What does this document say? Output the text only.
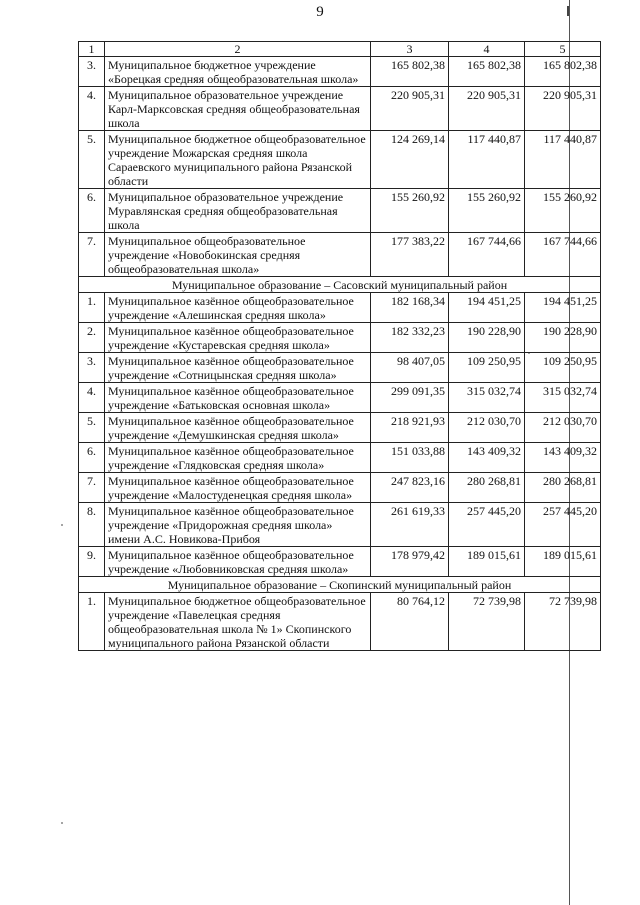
9
1	2	3	4	5
3.	Муниципальное бюджетное учреждение «Борецкая средняя общеобразовательная школа»	165 802,38	165 802,38	165 802,38
4.	Муниципальное образовательное учреждение Карл-Марксовская средняя общеобразовательная школа	220 905,31	220 905,31	220 905,31
5.	Муниципальное бюджетное общеобразовательное учреждение Можарская средняя школа Сараевского муниципального района Рязанской области	124 269,14	117 440,87	117 440,87
6.	Муниципальное образовательное учреждение Муравлянская средняя общеобразовательная школа	155 260,92	155 260,92	155 260,92
7.	Муниципальное общеобразовательное учреждение «Новобокинская средняя общеобразовательная школа»	177 383,22	167 744,66	167 744,66
Муниципальное образование – Сасовский муниципальный район				
1.	Муниципальное казённое общеобразовательное учреждение «Алешинская средняя школа»	182 168,34	194 451,25	194 451,25
2.	Муниципальное казённое общеобразовательное учреждение «Кустаревская средняя школа»	182 332,23	190 228,90	190 228,90
3.	Муниципальное казённое общеобразовательное учреждение «Сотницынская средняя школа»	98 407,05	109 250,95	109 250,95
4.	Муниципальное казённое общеобразовательное учреждение «Батьковская основная школа»	299 091,35	315 032,74	315 032,74
5.	Муниципальное казённое общеобразовательное учреждение «Демушкинская средняя школа»	218 921,93	212 030,70	212 030,70
6.	Муниципальное казённое общеобразовательное учреждение «Глядковская средняя школа»	151 033,88	143 409,32	143 409,32
7.	Муниципальное казённое общеобразовательное учреждение «Малостуденецкая средняя школа»	247 823,16	280 268,81	280 268,81
8.	Муниципальное казённое общеобразовательное учреждение «Придорожная средняя школа» имени А.С. Новикова-Прибоя	261 619,33	257 445,20	257 445,20
9.	Муниципальное казённое общеобразовательное учреждение «Любовниковская средняя школа»	178 979,42	189 015,61	189 015,61
Муниципальное образование – Скопинский муниципальный район				
1.	Муниципальное бюджетное общеобразовательное учреждение «Павелецкая средняя общеобразовательная школа № 1» Скопинского муниципального района Рязанской области	80 764,12	72 739,98	72 739,98
